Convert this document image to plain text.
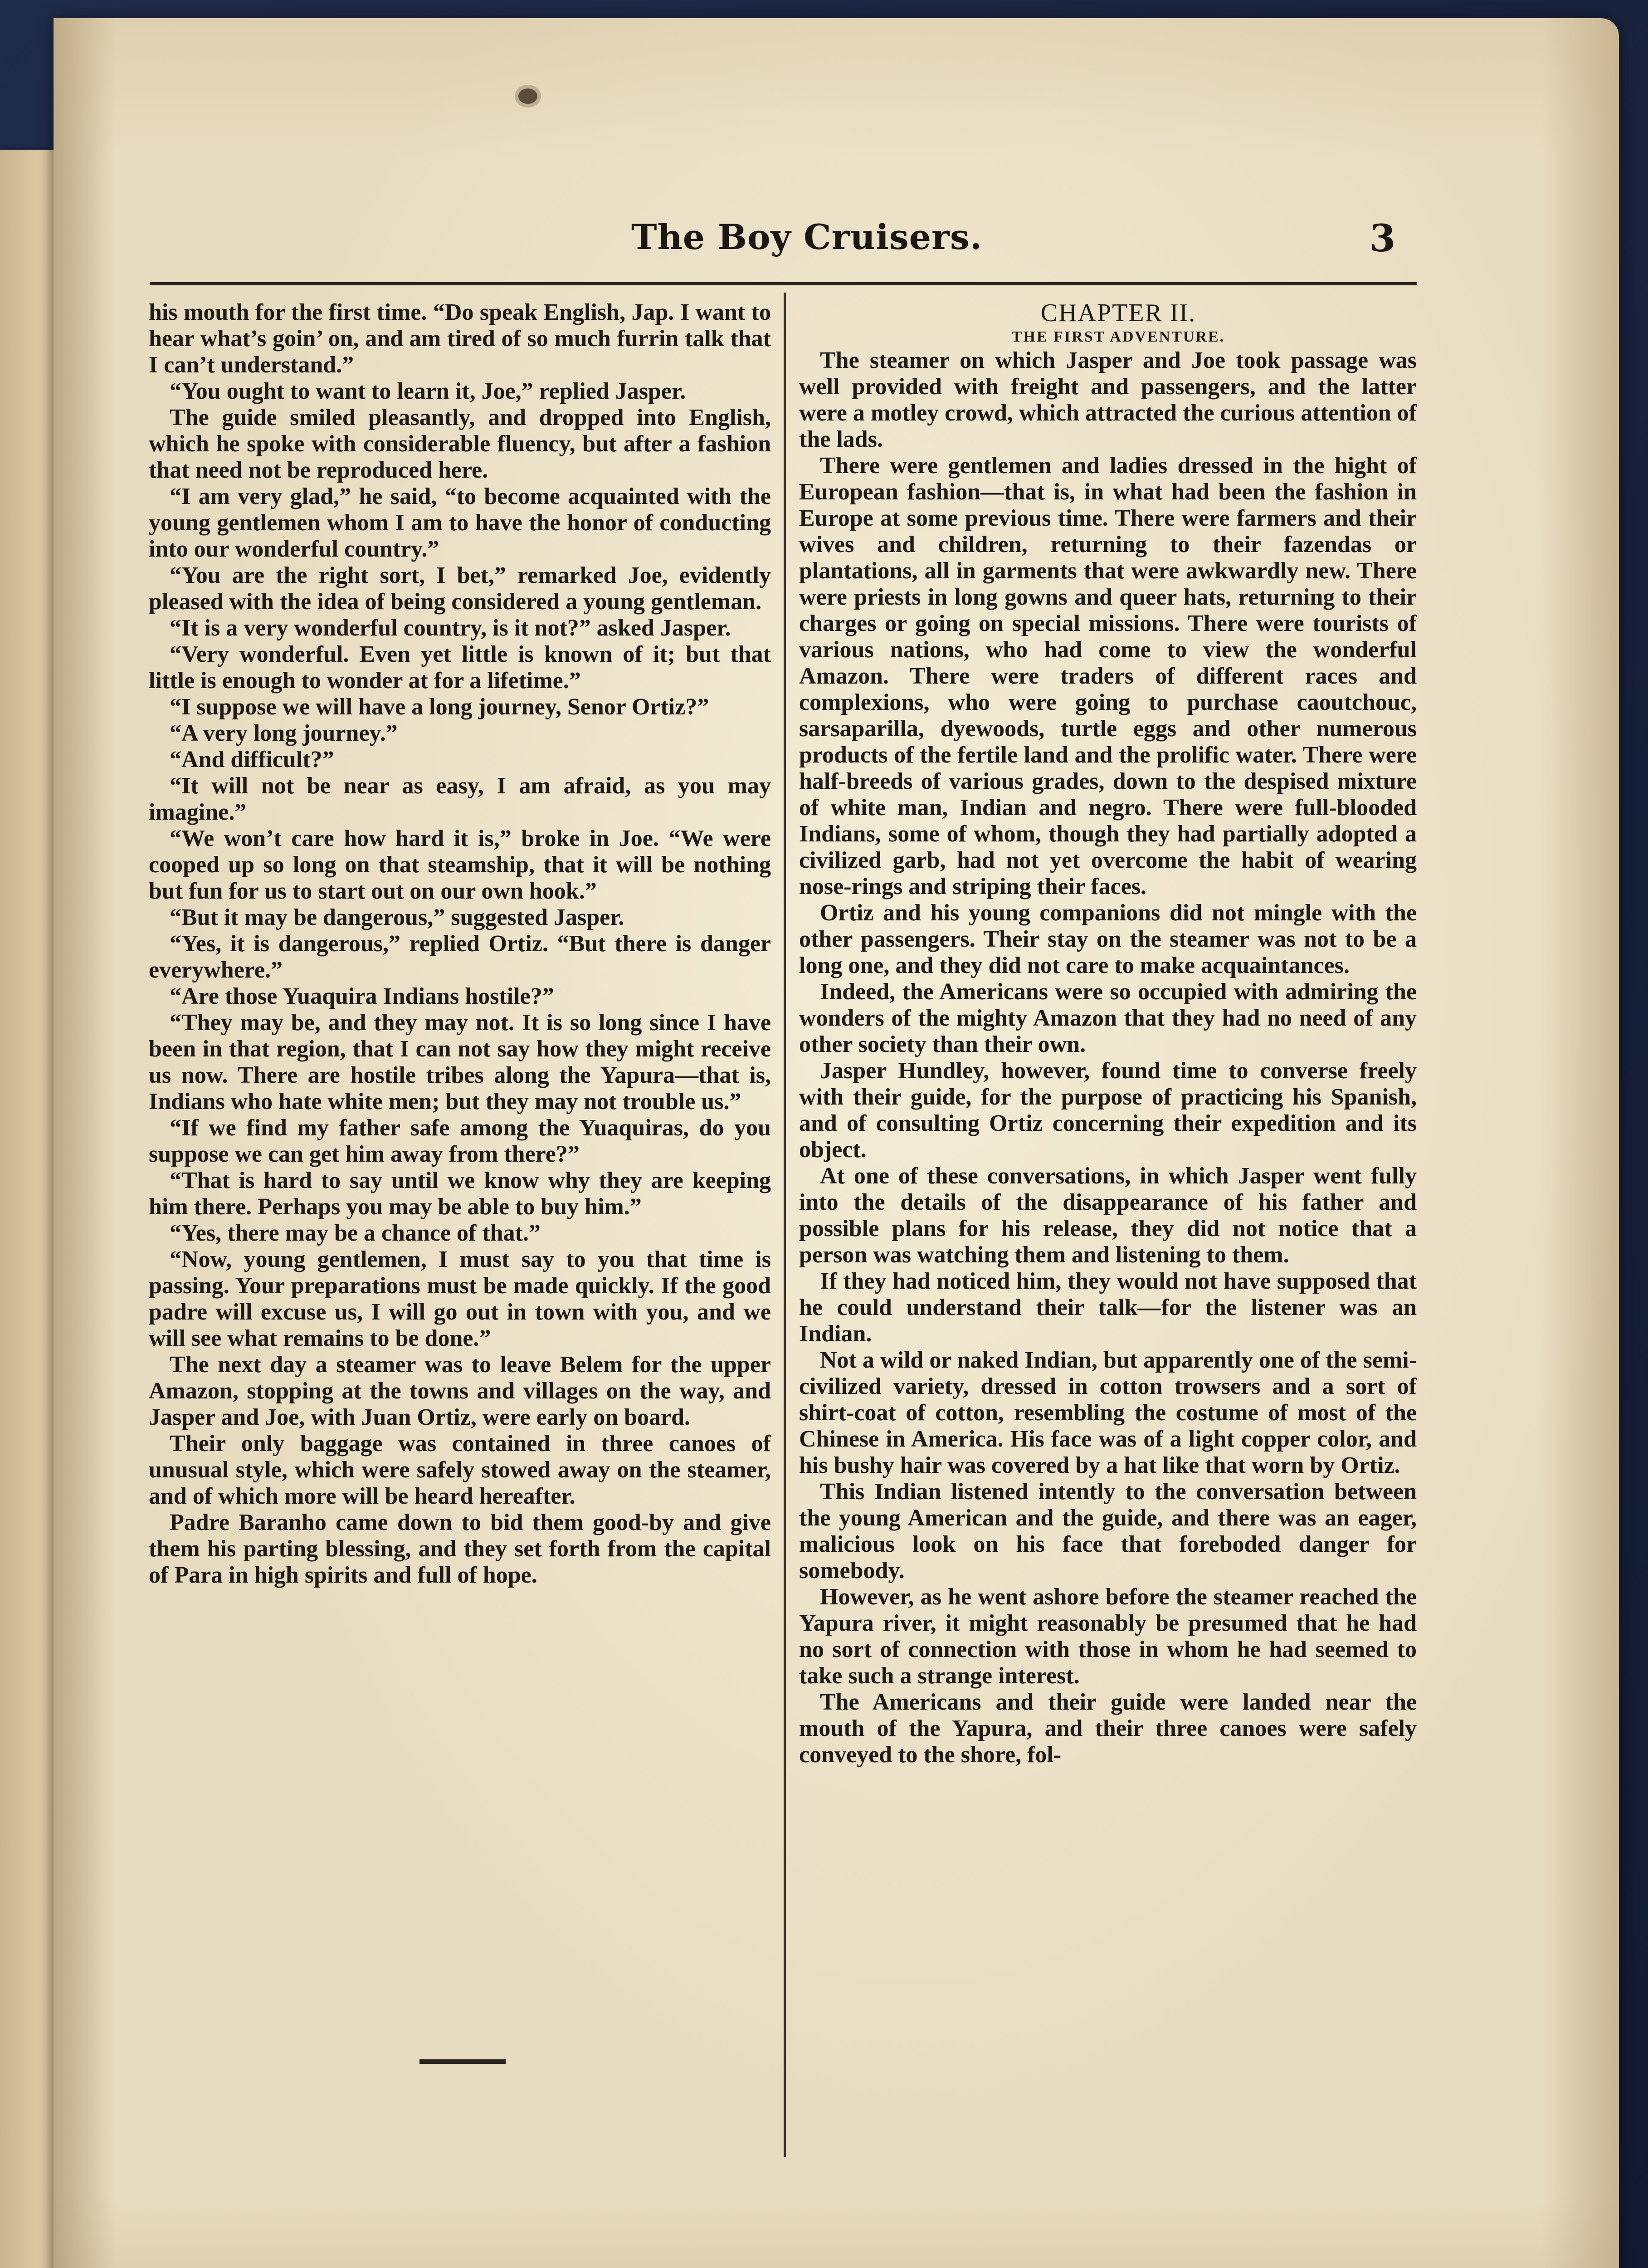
The Boy Cruisers.	3

his mouth for the first time. “Do speak English, Jap. I want to hear what’s goin’ on, and am tired of so much furrin talk that I can’t understand.”

“You ought to want to learn it, Joe,” replied Jasper.

The guide smiled pleasantly, and dropped into English, which he spoke with considerable fluency, but after a fashion that need not be reproduced here.

“I am very glad,” he said, “to become acquainted with the young gentlemen whom I am to have the honor of conducting into our wonderful country.”

“You are the right sort, I bet,” remarked Joe, evidently pleased with the idea of being considered a young gentleman.

“It is a very wonderful country, is it not?” asked Jasper.

“Very wonderful. Even yet little is known of it; but that little is enough to wonder at for a lifetime.”

“I suppose we will have a long journey, Senor Ortiz?”

“A very long journey.”

“And difficult?”

“It will not be near as easy, I am afraid, as you may imagine.”

“We won’t care how hard it is,” broke in Joe. “We were cooped up so long on that steamship, that it will be nothing but fun for us to start out on our own hook.”

“But it may be dangerous,” suggested Jasper.

“Yes, it is dangerous,” replied Ortiz. “But there is danger everywhere.”

“Are those Yuaquira Indians hostile?”

“They may be, and they may not. It is so long since I have been in that region, that I can not say how they might receive us now. There are hostile tribes along the Yapura—that is, Indians who hate white men; but they may not trouble us.”

“If we find my father safe among the Yuaquiras, do you suppose we can get him away from there?”

“That is hard to say until we know why they are keeping him there. Perhaps you may be able to buy him.”

“Yes, there may be a chance of that.”

“Now, young gentlemen, I must say to you that time is passing. Your preparations must be made quickly. If the good padre will excuse us, I will go out in town with you, and we will see what remains to be done.”

The next day a steamer was to leave Belem for the upper Amazon, stopping at the towns and villages on the way, and Jasper and Joe, with Juan Ortiz, were early on board.

Their only baggage was contained in three canoes of unusual style, which were safely stowed away on the steamer, and of which more will be heard hereafter.

Padre Baranho came down to bid them good-by and give them his parting blessing, and they set forth from the capital of Para in high spirits and full of hope.

CHAPTER II.

THE FIRST ADVENTURE.

The steamer on which Jasper and Joe took passage was well provided with freight and passengers, and the latter were a motley crowd, which attracted the curious attention of the lads.

There were gentlemen and ladies dressed in the hight of European fashion—that is, in what had been the fashion in Europe at some previous time. There were farmers and their wives and children, returning to their fazendas or plantations, all in garments that were awkwardly new. There were priests in long gowns and queer hats, returning to their charges or going on special missions. There were tourists of various nations, who had come to view the wonderful Amazon. There were traders of different races and complexions, who were going to purchase caoutchouc, sarsaparilla, dyewoods, turtle eggs and other numerous products of the fertile land and the prolific water. There were half-breeds of various grades, down to the despised mixture of white man, Indian and negro. There were full-blooded Indians, some of whom, though they had partially adopted a civilized garb, had not yet overcome the habit of wearing nose-rings and striping their faces.

Ortiz and his young companions did not mingle with the other passengers. Their stay on the steamer was not to be a long one, and they did not care to make acquaintances.

Indeed, the Americans were so occupied with admiring the wonders of the mighty Amazon that they had no need of any other society than their own.

Jasper Hundley, however, found time to converse freely with their guide, for the purpose of practicing his Spanish, and of consulting Ortiz concerning their expedition and its object.

At one of these conversations, in which Jasper went fully into the details of the disappearance of his father and possible plans for his release, they did not notice that a person was watching them and listening to them.

If they had noticed him, they would not have supposed that he could understand their talk—for the listener was an Indian.

Not a wild or naked Indian, but apparently one of the semi-civilized variety, dressed in cotton trowsers and a sort of shirt-coat of cotton, resembling the costume of most of the Chinese in America. His face was of a light copper color, and his bushy hair was covered by a hat like that worn by Ortiz.

This Indian listened intently to the conversation between the young American and the guide, and there was an eager, malicious look on his face that foreboded danger for somebody.

However, as he went ashore before the steamer reached the Yapura river, it might reasonably be presumed that he had no sort of connection with those in whom he had seemed to take such a strange interest.

The Americans and their guide were landed near the mouth of the Yapura, and their three canoes were safely conveyed to the shore, fol-
